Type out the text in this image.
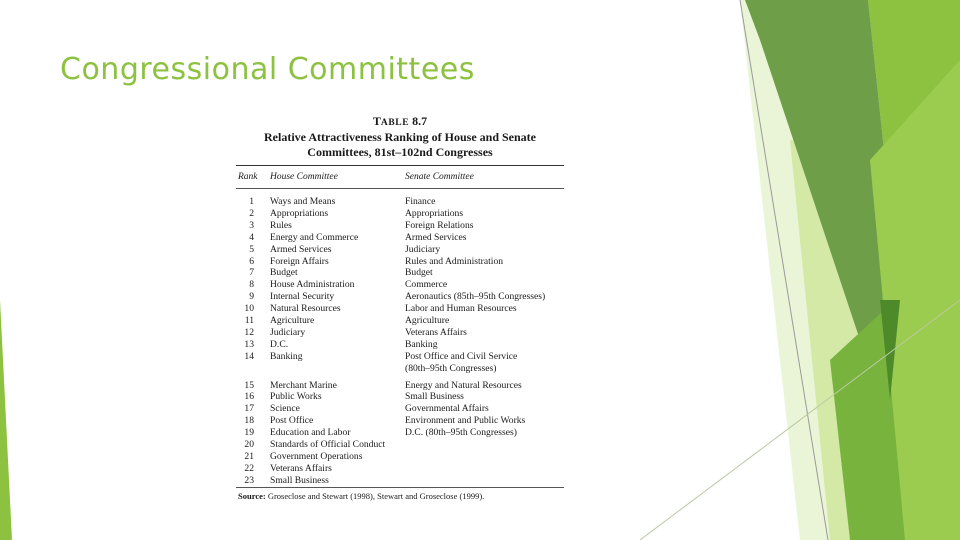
Congressional Committees
TABLE 8.7
Relative Attractiveness Ranking of House and Senate
Committees, 81st–102nd Congresses
Rank House Committee	Senate Committee
1 Ways and Means	Finance
2 Appropriations	Appropriations
3 Rules	Foreign Relations
4 Energy and Commerce	Armed Services
5 Armed Services	Judiciary
6 Foreign Affairs	Rules and Administration
7 Budget	Budget
8 House Administration	Commerce
9 Internal Security	Aeronautics (85th–95th Congresses)
10 Natural Resources	Labor and Human Resources
11 Agriculture	Agriculture
12 Judiciary	Veterans Affairs
13 D.C.	Banking
14 Banking	Post Office and Civil Service
(80th–95th Congresses)
15 Merchant Marine	Energy and Natural Resources
16 Public Works	Small Business
17 Science	Governmental Affairs
18 Post Office	Environment and Public Works
19 Education and Labor	D.C. (80th–95th Congresses)
20 Standards of Official Conduct
21 Government Operations
22 Veterans Affairs
23 Small Business
Source: Groseclose and Stewart (1998), Stewart and Groseclose (1999).
